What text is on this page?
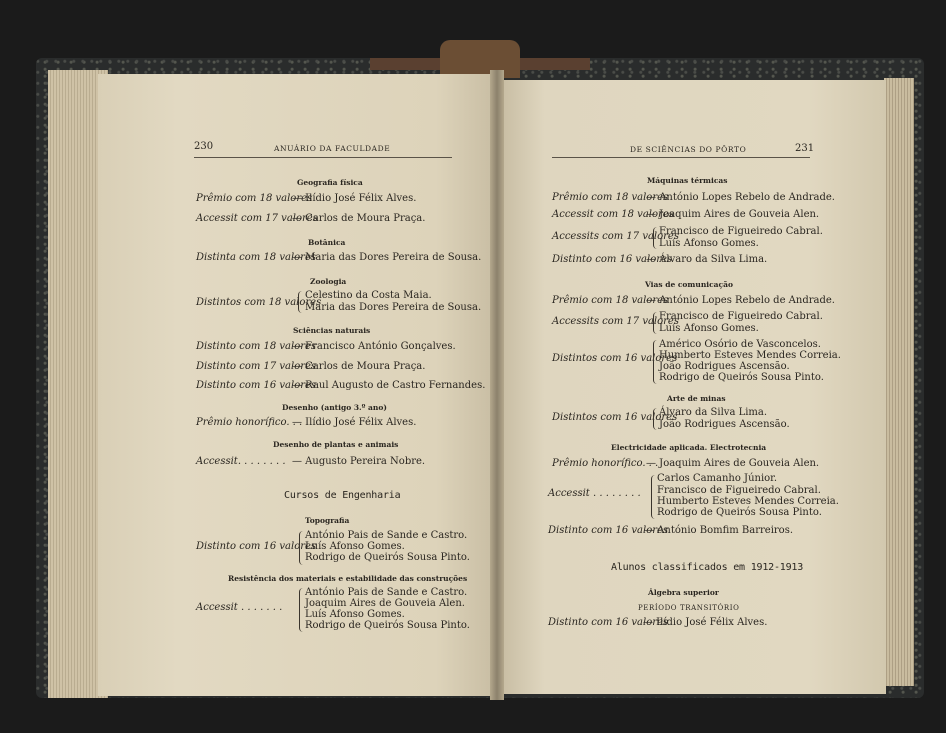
230	ANUÁRIO DA FACULDADE
Geografia física
Prêmio com 18 valores
— Ilídio José Félix Alves.
Accessit com 17 valores
— Carlos de Moura Praça.
Botânica
Distinta com 18 valores
— Maria das Dores Pereira de Sousa.
Zoologia
Distintos com 18 valores
Celestino da Costa Maia.
Maria das Dores Pereira de Sousa.
Sciências naturais
Distinto com 18 valores
— Francisco António Gonçalves.
Distinto com 17 valores
— Carlos de Moura Praça.
Distinto com 16 valores
— Raul Augusto de Castro Fernandes.
Desenho (antigo 3.º ano)
Prêmio honorífico. . .
— Ilídio José Félix Alves.
Desenho de plantas e animais
Accessit. . . . . . . . — Augusto Pereira Nobre.
Cursos de Engenharia
Topografia
Distinto com 16 valores
António Pais de Sande e Castro.
Luís Afonso Gomes.
Rodrigo de Queirós Sousa Pinto.
Resistência dos materiais e estabilidade das construções
Accessit . . . . . . .
António Pais de Sande e Castro.
Joaquim Aires de Gouveia Alen.
Luís Afonso Gomes.
Rodrigo de Queirós Sousa Pinto.
DE SCIÊNCIAS DO PÔRTO	231
Máquinas térmicas
Prêmio com 18 valores
— António Lopes Rebelo de Andrade.
Accessit com 18 valores
— Joaquim Aires de Gouveia Alen.
Accessits com 17 valores
Francisco de Figueiredo Cabral.
Luís Afonso Gomes.
Distinto com 16 valores
— Álvaro da Silva Lima.
Vias de comunicação
Prêmio com 18 valores
— António Lopes Rebelo de Andrade.
Accessits com 17 valores
Francisco de Figueiredo Cabral.
Luís Afonso Gomes.
Distintos com 16 valores
Américo Osório de Vasconcelos.
Humberto Esteves Mendes Correia.
João Rodrigues Ascensão.
Rodrigo de Queirós Sousa Pinto.
Arte de minas
Distintos com 16 valores
Álvaro da Silva Lima.
João Rodrigues Ascensão.
Electricidade aplicada. Electrotecnia
Prêmio honorífico. . .
— Joaquim Aires de Gouveia Alen.
Accessit . . . . . . . .
Carlos Camanho Júnior.
Francisco de Figueiredo Cabral.
Humberto Esteves Mendes Correia.
Rodrigo de Queirós Sousa Pinto.
Distinto com 16 valores
— António Bomfim Barreiros.
Alunos classificados em 1912-1913
Álgebra superior
PERÍODO TRANSITÓRIO
Distinto com 16 valores
— Ilídio José Félix Alves.
